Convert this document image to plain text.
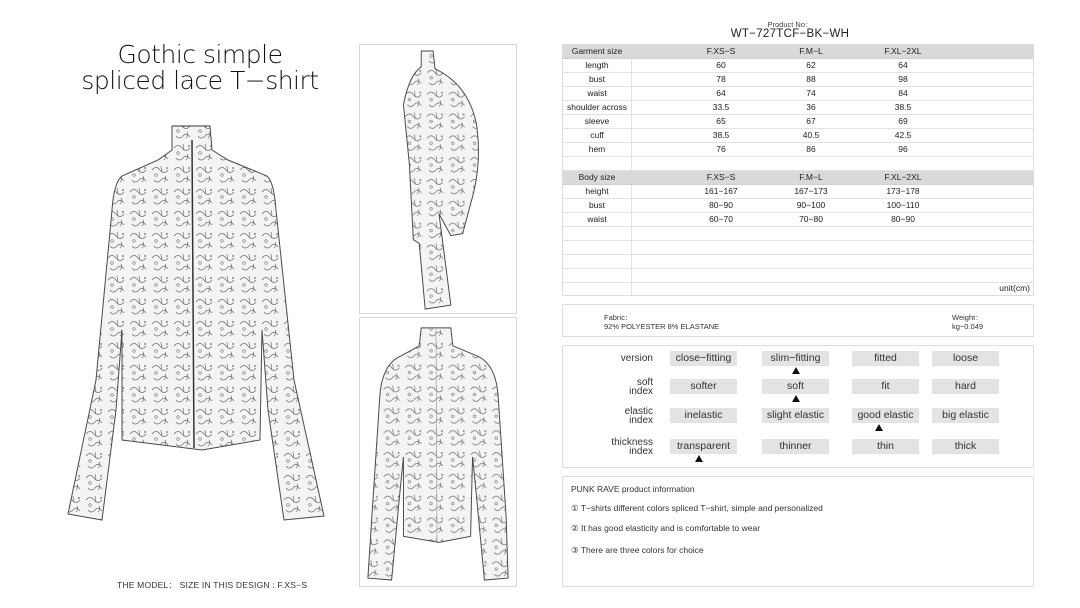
Gothic simple
spliced lace T−shirt
THE MODEL： SIZE IN THIS DESIGN : F.XS−S
Product No：
WT−727TCF−BK−WH
Garment size	F.XS−S	F.M−L	F.XL−2XL
length	60	62	64
bust	78	88	98
waist	64	74	84
shoulder across	33.5	36	38.5
sleeve	65	67	69
cuff	38.5	40.5	42.5
hem	76	86	96
Body size	F.XS−S	F.M−L	F.XL−2XL
height	161−167	167−173	173−178
bust	80−90	90−100	100−110
waist	60−70	70−80	80−90
unit(cm)
Fabric：
92% POLYESTER 8% ELASTANE
Weight：
kg−0.049
version	close−fitting	slim−fitting	fitted	loose
soft
index	softer	soft	fit	hard
elastic
index	inelastic	slight elastic	good elastic	big elastic
thickness
index	transparent	thinner	thin	thick
PUNK RAVE product information
① T−shirts different colors spliced T−shirt, simple and personalized
② It has good elasticity and is comfortable to wear
③ There are three colors for choice
